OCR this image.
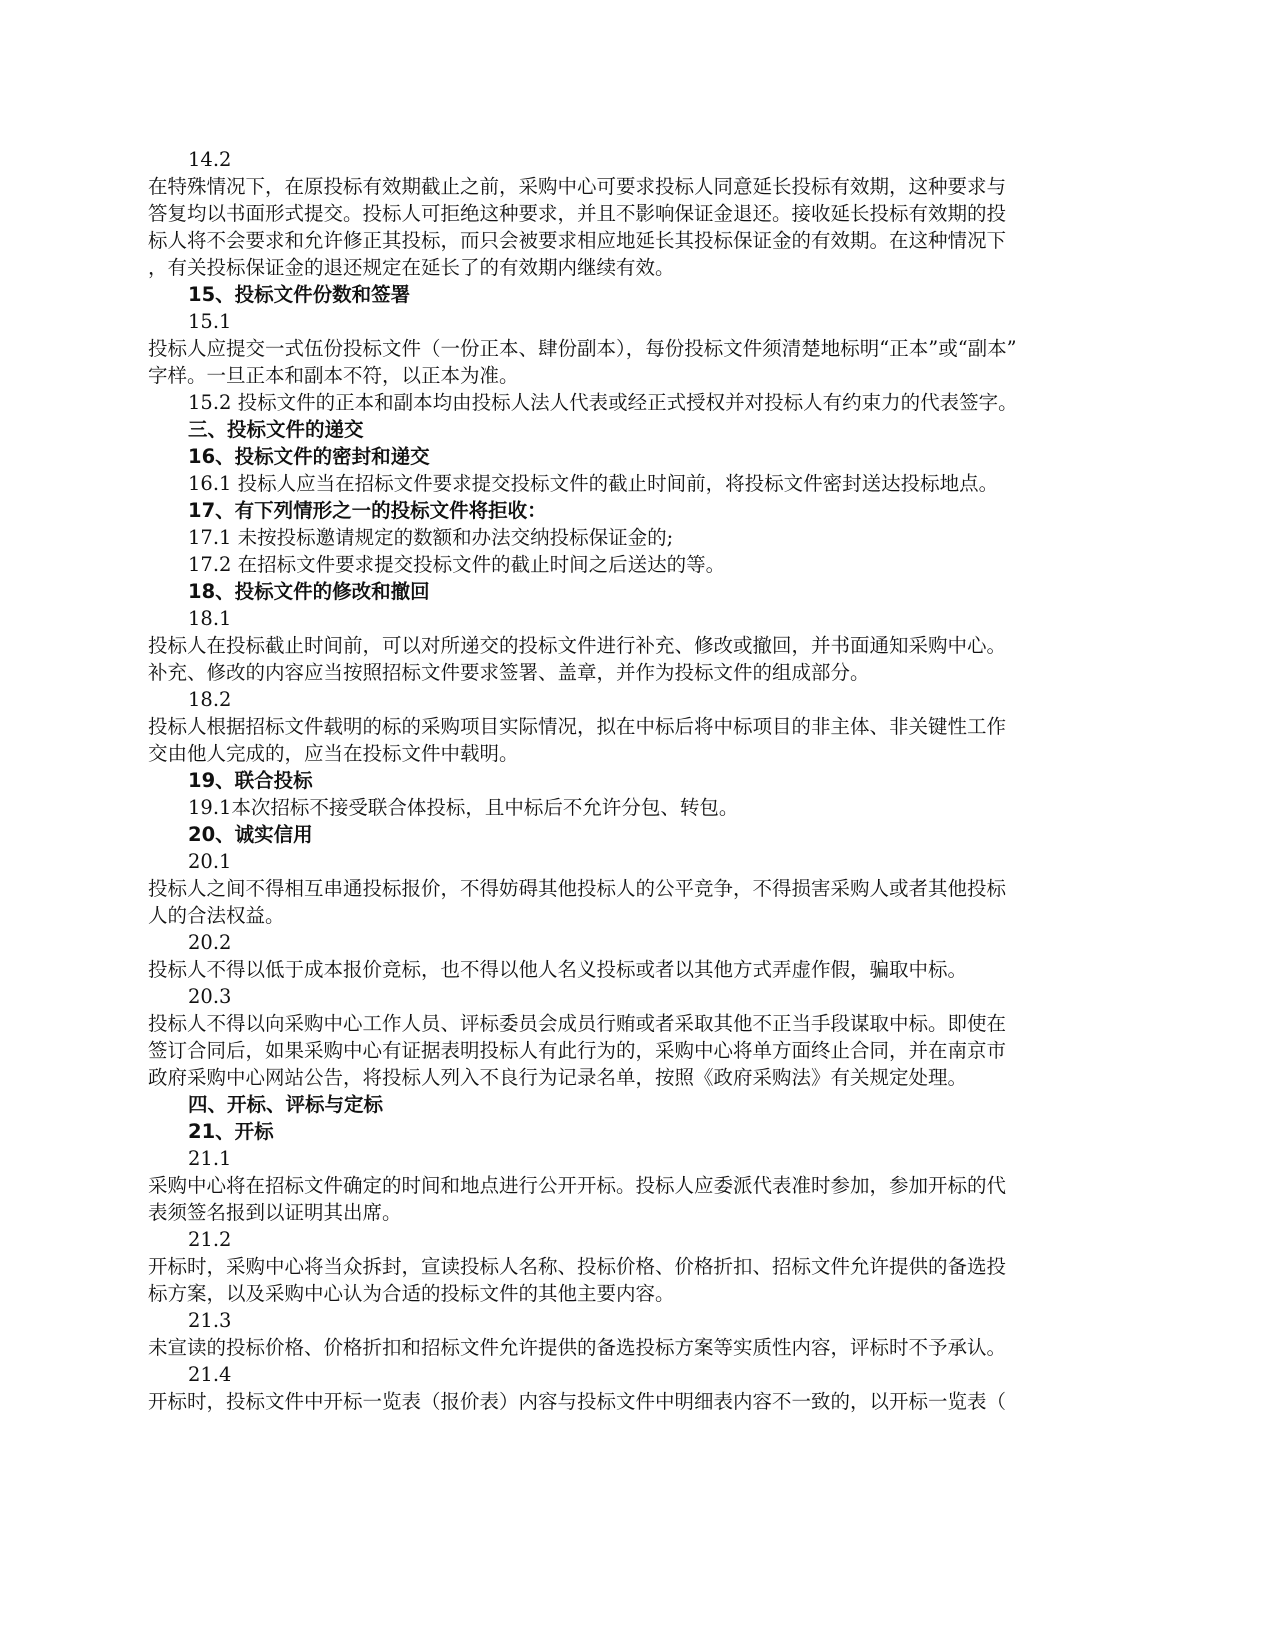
14.2
在特殊情况下，在原投标有效期截止之前，采购中心可要求投标人同意延长投标有效期，这种要求与
答复均以书面形式提交。投标人可拒绝这种要求，并且不影响保证金退还。接收延长投标有效期的投
标人将不会要求和允许修正其投标，而只会被要求相应地延长其投标保证金的有效期。在这种情况下
，有关投标保证金的退还规定在延长了的有效期内继续有效。
15、投标文件份数和签署
15.1
投标人应提交一式伍份投标文件（一份正本、肆份副本），每份投标文件须清楚地标明“正本”或“副本”
字样。一旦正本和副本不符，以正本为准。
15.2 投标文件的正本和副本均由投标人法人代表或经正式授权并对投标人有约束力的代表签字。
三、投标文件的递交
16、投标文件的密封和递交
16.1 投标人应当在招标文件要求提交投标文件的截止时间前，将投标文件密封送达投标地点。
17、有下列情形之一的投标文件将拒收：
17.1 未按投标邀请规定的数额和办法交纳投标保证金的;
17.2 在招标文件要求提交投标文件的截止时间之后送达的等。
18、投标文件的修改和撤回
18.1
投标人在投标截止时间前，可以对所递交的投标文件进行补充、修改或撤回，并书面通知采购中心。
补充、修改的内容应当按照招标文件要求签署、盖章，并作为投标文件的组成部分。
18.2
投标人根据招标文件载明的标的采购项目实际情况，拟在中标后将中标项目的非主体、非关键性工作
交由他人完成的，应当在投标文件中载明。
19、联合投标
19.1本次招标不接受联合体投标，且中标后不允许分包、转包。
20、诚实信用
20.1
投标人之间不得相互串通投标报价，不得妨碍其他投标人的公平竞争，不得损害采购人或者其他投标
人的合法权益。
20.2
投标人不得以低于成本报价竞标，也不得以他人名义投标或者以其他方式弄虚作假，骗取中标。
20.3
投标人不得以向采购中心工作人员、评标委员会成员行贿或者采取其他不正当手段谋取中标。即使在
签订合同后，如果采购中心有证据表明投标人有此行为的，采购中心将单方面终止合同，并在南京市
政府采购中心网站公告，将投标人列入不良行为记录名单，按照《政府采购法》有关规定处理。
四、开标、评标与定标
21、开标
21.1
采购中心将在招标文件确定的时间和地点进行公开开标。投标人应委派代表准时参加，参加开标的代
表须签名报到以证明其出席。
21.2
开标时，采购中心将当众拆封，宣读投标人名称、投标价格、价格折扣、招标文件允许提供的备选投
标方案，以及采购中心认为合适的投标文件的其他主要内容。
21.3
未宣读的投标价格、价格折扣和招标文件允许提供的备选投标方案等实质性内容，评标时不予承认。
21.4
开标时，投标文件中开标一览表（报价表）内容与投标文件中明细表内容不一致的，以开标一览表（
